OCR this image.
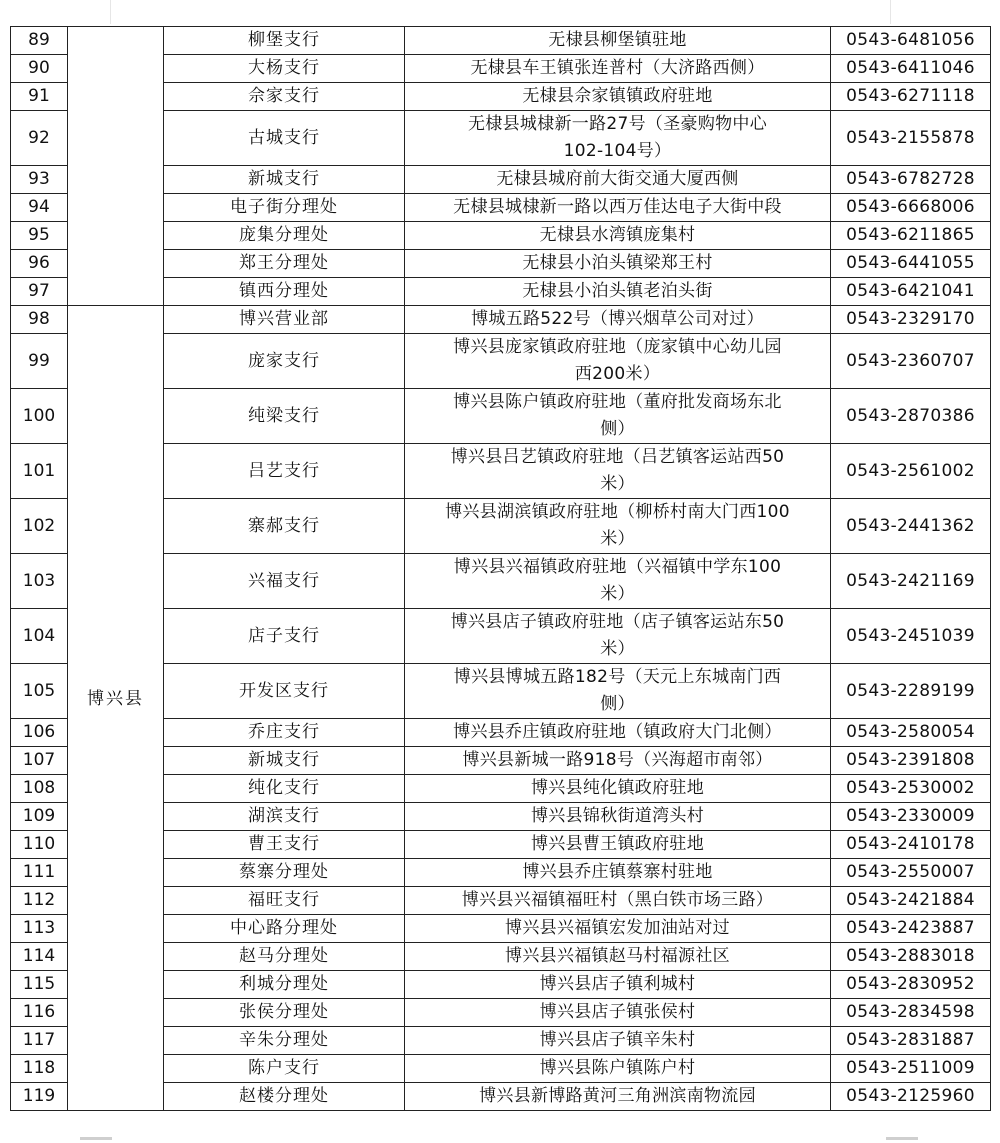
89		柳堡支行	无棣县柳堡镇驻地	0543-6481056
90		大杨支行	无棣县车王镇张连普村（大济路西侧）	0543-6411046
91		佘家支行	无棣县佘家镇镇政府驻地	0543-6271118
92		古城支行	无棣县城棣新一路27号（圣豪购物中心
102-104号）	0543-2155878
93		新城支行	无棣县城府前大街交通大厦西侧	0543-6782728
94		电子街分理处	无棣县城棣新一路以西万佳达电子大街中段	0543-6668006
95		庞集分理处	无棣县水湾镇庞集村	0543-6211865
96		郑王分理处	无棣县小泊头镇梁郑王村	0543-6441055
97		镇西分理处	无棣县小泊头镇老泊头街	0543-6421041
98	博兴县	博兴营业部	博城五路522号（博兴烟草公司对过）	0543-2329170
99		庞家支行	博兴县庞家镇政府驻地（庞家镇中心幼儿园
西200米）	0543-2360707
100		纯梁支行	博兴县陈户镇政府驻地（董府批发商场东北
侧）	0543-2870386
101		吕艺支行	博兴县吕艺镇政府驻地（吕艺镇客运站西50
米）	0543-2561002
102		寨郝支行	博兴县湖滨镇政府驻地（柳桥村南大门西100
米）	0543-2441362
103		兴福支行	博兴县兴福镇政府驻地（兴福镇中学东100
米）	0543-2421169
104		店子支行	博兴县店子镇政府驻地（店子镇客运站东50
米）	0543-2451039
105		开发区支行	博兴县博城五路182号（天元上东城南门西
侧）	0543-2289199
106		乔庄支行	博兴县乔庄镇政府驻地（镇政府大门北侧）	0543-2580054
107		新城支行	博兴县新城一路918号（兴海超市南邻）	0543-2391808
108		纯化支行	博兴县纯化镇政府驻地	0543-2530002
109		湖滨支行	博兴县锦秋街道湾头村	0543-2330009
110		曹王支行	博兴县曹王镇政府驻地	0543-2410178
111		蔡寨分理处	博兴县乔庄镇蔡寨村驻地	0543-2550007
112		福旺支行	博兴县兴福镇福旺村（黑白铁市场三路）	0543-2421884
113		中心路分理处	博兴县兴福镇宏发加油站对过	0543-2423887
114		赵马分理处	博兴县兴福镇赵马村福源社区	0543-2883018
115		利城分理处	博兴县店子镇利城村	0543-2830952
116		张侯分理处	博兴县店子镇张侯村	0543-2834598
117		辛朱分理处	博兴县店子镇辛朱村	0543-2831887
118		陈户支行	博兴县陈户镇陈户村	0543-2511009
119		赵楼分理处	博兴县新博路黄河三角洲滨南物流园	0543-2125960
